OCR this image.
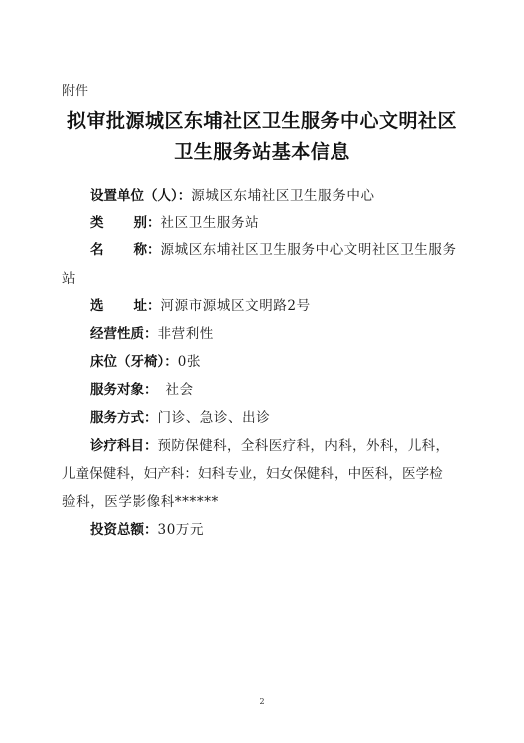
附件
拟审批源城区东埔社区卫生服务中心文明社区
卫生服务站基本信息
设置单位（人）：源城区东埔社区卫生服务中心
类 别：社区卫生服务站
名 称：源城区东埔社区卫生服务中心文明社区卫生服务
站
选 址：河源市源城区文明路2号
经营性质：非营利性
床位（牙椅）：0张
服务对象： 社会
服务方式：门诊、急诊、出诊
诊疗科目：预防保健科，全科医疗科，内科，外科，儿科，
儿童保健科，妇产科：妇科专业，妇女保健科，中医科，医学检
验科，医学影像科******
投资总额：30万元
2
